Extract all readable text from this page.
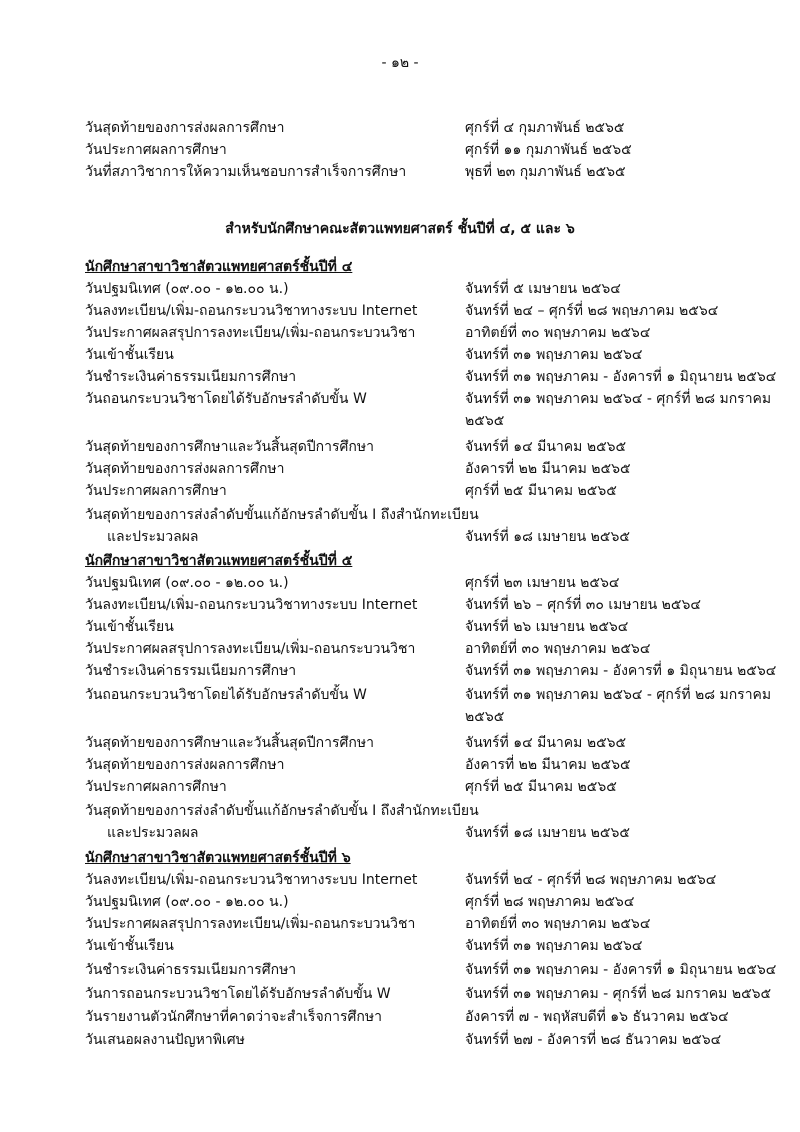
- ๑๒ -
วันสุดท้ายของการส่งผลการศึกษา	ศุกร์ที่ ๔ กุมภาพันธ์ ๒๕๖๕
วันประกาศผลการศึกษา	ศุกร์ที่ ๑๑ กุมภาพันธ์ ๒๕๖๕
วันที่สภาวิชาการให้ความเห็นชอบการสำเร็จการศึกษา	พุธที่ ๒๓ กุมภาพันธ์ ๒๕๖๕
สำหรับนักศึกษาคณะสัตวแพทยศาสตร์ ชั้นปีที่ ๔, ๕ และ ๖
นักศึกษาสาขาวิชาสัตวแพทยศาสตร์ชั้นปีที่ ๔
วันปฐมนิเทศ (๐๙.๐๐ - ๑๒.๐๐ น.)	จันทร์ที่ ๕ เมษายน ๒๕๖๔
วันลงทะเบียน/เพิ่ม-ถอนกระบวนวิชาทางระบบ Internet	จันทร์ที่ ๒๔ – ศุกร์ที่ ๒๘ พฤษภาคม ๒๕๖๔
วันประกาศผลสรุปการลงทะเบียน/เพิ่ม-ถอนกระบวนวิชา	อาทิตย์ที่ ๓๐ พฤษภาคม ๒๕๖๔
วันเข้าชั้นเรียน	จันทร์ที่ ๓๑ พฤษภาคม ๒๕๖๔
วันชำระเงินค่าธรรมเนียมการศึกษา	จันทร์ที่ ๓๑ พฤษภาคม - อังคารที่ ๑ มิถุนายน ๒๕๖๔
วันถอนกระบวนวิชาโดยได้รับอักษรลำดับขั้น W	จันทร์ที่ ๓๑ พฤษภาคม ๒๕๖๔ - ศุกร์ที่ ๒๘ มกราคม
๒๕๖๕
วันสุดท้ายของการศึกษาและวันสิ้นสุดปีการศึกษา	จันทร์ที่ ๑๔ มีนาคม ๒๕๖๕
วันสุดท้ายของการส่งผลการศึกษา	อังคารที่ ๒๒ มีนาคม ๒๕๖๕
วันประกาศผลการศึกษา	ศุกร์ที่ ๒๕ มีนาคม ๒๕๖๕
วันสุดท้ายของการส่งลำดับขั้นแก้อักษรลำดับขั้น I ถึงสำนักทะเบียน
และประมวลผล	จันทร์ที่ ๑๘ เมษายน ๒๕๖๕
นักศึกษาสาขาวิชาสัตวแพทยศาสตร์ชั้นปีที่ ๕
วันปฐมนิเทศ (๐๙.๐๐ - ๑๒.๐๐ น.)	ศุกร์ที่ ๒๓ เมษายน ๒๕๖๔
วันลงทะเบียน/เพิ่ม-ถอนกระบวนวิชาทางระบบ Internet	จันทร์ที่ ๒๖ – ศุกร์ที่ ๓๐ เมษายน ๒๕๖๔
วันเข้าชั้นเรียน	จันทร์ที่ ๒๖ เมษายน ๒๕๖๔
วันประกาศผลสรุปการลงทะเบียน/เพิ่ม-ถอนกระบวนวิชา	อาทิตย์ที่ ๓๐ พฤษภาคม ๒๕๖๔
วันชำระเงินค่าธรรมเนียมการศึกษา	จันทร์ที่ ๓๑ พฤษภาคม - อังคารที่ ๑ มิถุนายน ๒๕๖๔
วันถอนกระบวนวิชาโดยได้รับอักษรลำดับขั้น W	จันทร์ที่ ๓๑ พฤษภาคม ๒๕๖๔ - ศุกร์ที่ ๒๘ มกราคม
๒๕๖๕
วันสุดท้ายของการศึกษาและวันสิ้นสุดปีการศึกษา	จันทร์ที่ ๑๔ มีนาคม ๒๕๖๕
วันสุดท้ายของการส่งผลการศึกษา	อังคารที่ ๒๒ มีนาคม ๒๕๖๕
วันประกาศผลการศึกษา	ศุกร์ที่ ๒๕ มีนาคม ๒๕๖๕
วันสุดท้ายของการส่งลำดับขั้นแก้อักษรลำดับขั้น I ถึงสำนักทะเบียน
และประมวลผล	จันทร์ที่ ๑๘ เมษายน ๒๕๖๕
นักศึกษาสาขาวิชาสัตวแพทยศาสตร์ชั้นปีที่ ๖
วันลงทะเบียน/เพิ่ม-ถอนกระบวนวิชาทางระบบ Internet	จันทร์ที่ ๒๔ - ศุกร์ที่ ๒๘ พฤษภาคม ๒๕๖๔
วันปฐมนิเทศ (๐๙.๐๐ - ๑๒.๐๐ น.)	ศุกร์ที่ ๒๘ พฤษภาคม ๒๕๖๔
วันประกาศผลสรุปการลงทะเบียน/เพิ่ม-ถอนกระบวนวิชา	อาทิตย์ที่ ๓๐ พฤษภาคม ๒๕๖๔
วันเข้าชั้นเรียน	จันทร์ที่ ๓๑ พฤษภาคม ๒๕๖๔
วันชำระเงินค่าธรรมเนียมการศึกษา	จันทร์ที่ ๓๑ พฤษภาคม - อังคารที่ ๑ มิถุนายน ๒๕๖๔
วันการถอนกระบวนวิชาโดยได้รับอักษรลำดับขั้น W	จันทร์ที่ ๓๑ พฤษภาคม - ศุกร์ที่ ๒๘ มกราคม ๒๕๖๕
วันรายงานตัวนักศึกษาที่คาดว่าจะสำเร็จการศึกษา	อังคารที่ ๗ - พฤหัสบดีที่ ๑๖ ธันวาคม ๒๕๖๔
วันเสนอผลงานปัญหาพิเศษ	จันทร์ที่ ๒๗ - อังคารที่ ๒๘ ธันวาคม ๒๕๖๔
